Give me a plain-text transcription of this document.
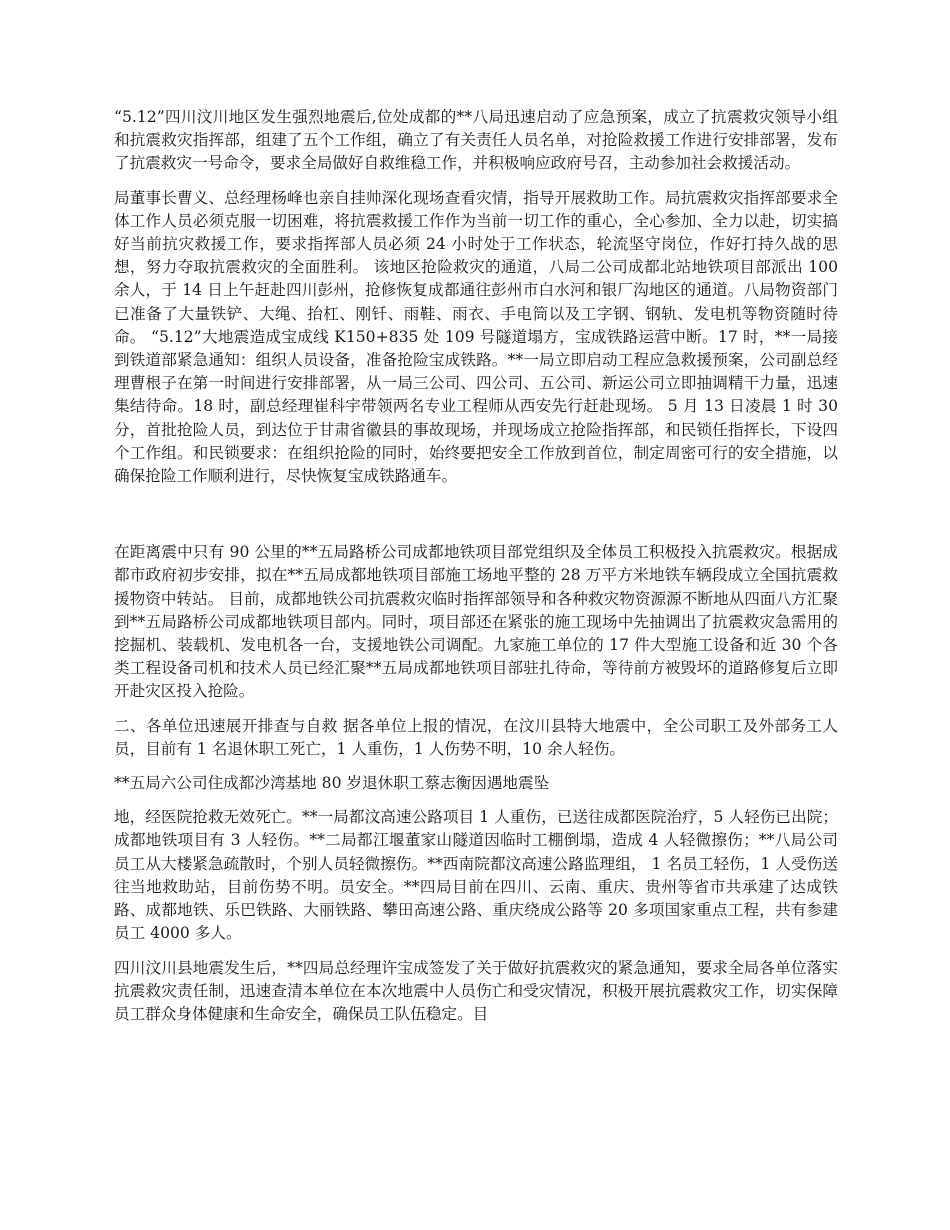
“5.12”四川汶川地区发生强烈地震后,位处成都的**八局迅速启动了应急预案，成立了抗震救灾领导小组和抗震救灾指挥部，组建了五个工作组，确立了有关责任人员名单，对抢险救援工作进行安排部署，发布了抗震救灾一号命令，要求全局做好自救维稳工作，并积极响应政府号召，主动参加社会救援活动。

局董事长曹义、总经理杨峰也亲自挂帅深化现场查看灾情，指导开展救助工作。局抗震救灾指挥部要求全体工作人员必须克服一切困难，将抗震救援工作作为当前一切工作的重心，全心参加、全力以赴，切实搞好当前抗灾救援工作，要求指挥部人员必须 24 小时处于工作状态，轮流坚守岗位，作好打持久战的思想，努力夺取抗震救灾的全面胜利。 该地区抢险救灾的通道，八局二公司成都北站地铁项目部派出 100 余人，于 14 日上午赶赴四川彭州，抢修恢复成都通往彭州市白水河和银厂沟地区的通道。八局物资部门已准备了大量铁铲、大绳、抬杠、刚钎、雨鞋、雨衣、手电筒以及工字钢、钢轨、发电机等物资随时待命。 “5.12”大地震造成宝成线 K150+835 处 109 号隧道塌方，宝成铁路运营中断。17 时，**一局接到铁道部紧急通知：组织人员设备，准备抢险宝成铁路。**一局立即启动工程应急救援预案，公司副总经理曹根子在第一时间进行安排部署，从一局三公司、四公司、五公司、新运公司立即抽调精干力量，迅速集结待命。18 时，副总经理崔科宇带领两名专业工程师从西安先行赶赴现场。 5 月 13 日凌晨 1 时 30 分，首批抢险人员，到达位于甘肃省徽县的事故现场，并现场成立抢险指挥部，和民锁任指挥长，下设四个工作组。和民锁要求：在组织抢险的同时，始终要把安全工作放到首位，制定周密可行的安全措施，以确保抢险工作顺利进行，尽快恢复宝成铁路通车。

在距离震中只有 90 公里的**五局路桥公司成都地铁项目部党组织及全体员工积极投入抗震救灾。根据成都市政府初步安排，拟在**五局成都地铁项目部施工场地平整的 28 万平方米地铁车辆段成立全国抗震救援物资中转站。 目前，成都地铁公司抗震救灾临时指挥部领导和各种救灾物资源源不断地从四面八方汇聚到**五局路桥公司成都地铁项目部内。同时，项目部还在紧张的施工现场中先抽调出了抗震救灾急需用的挖掘机、装载机、发电机各一台，支援地铁公司调配。九家施工单位的 17 件大型施工设备和近 30 个各类工程设备司机和技术人员已经汇聚**五局成都地铁项目部驻扎待命，等待前方被毁坏的道路修复后立即开赴灾区投入抢险。

二、各单位迅速展开排查与自救 据各单位上报的情况，在汶川县特大地震中，全公司职工及外部务工人员，目前有 1 名退休职工死亡，1 人重伤，1 人伤势不明，10 余人轻伤。

**五局六公司住成都沙湾基地 80 岁退休职工蔡志衡因遇地震坠

地，经医院抢救无效死亡。**一局都汶高速公路项目 1 人重伤，已送往成都医院治疗，5 人轻伤已出院；成都地铁项目有 3 人轻伤。**二局都江堰董家山隧道因临时工棚倒塌，造成 4 人轻微擦伤；**八局公司员工从大楼紧急疏散时，个别人员轻微擦伤。**西南院都汶高速公路监理组， 1 名员工轻伤，1 人受伤送往当地救助站，目前伤势不明。员安全。**四局目前在四川、云南、重庆、贵州等省市共承建了达成铁路、成都地铁、乐巴铁路、大丽铁路、攀田高速公路、重庆绕成公路等 20 多项国家重点工程，共有参建员工 4000 多人。

四川汶川县地震发生后，**四局总经理许宝成签发了关于做好抗震救灾的紧急通知，要求全局各单位落实抗震救灾责任制，迅速查清本单位在本次地震中人员伤亡和受灾情况，积极开展抗震救灾工作，切实保障员工群众身体健康和生命安全，确保员工队伍稳定。目
